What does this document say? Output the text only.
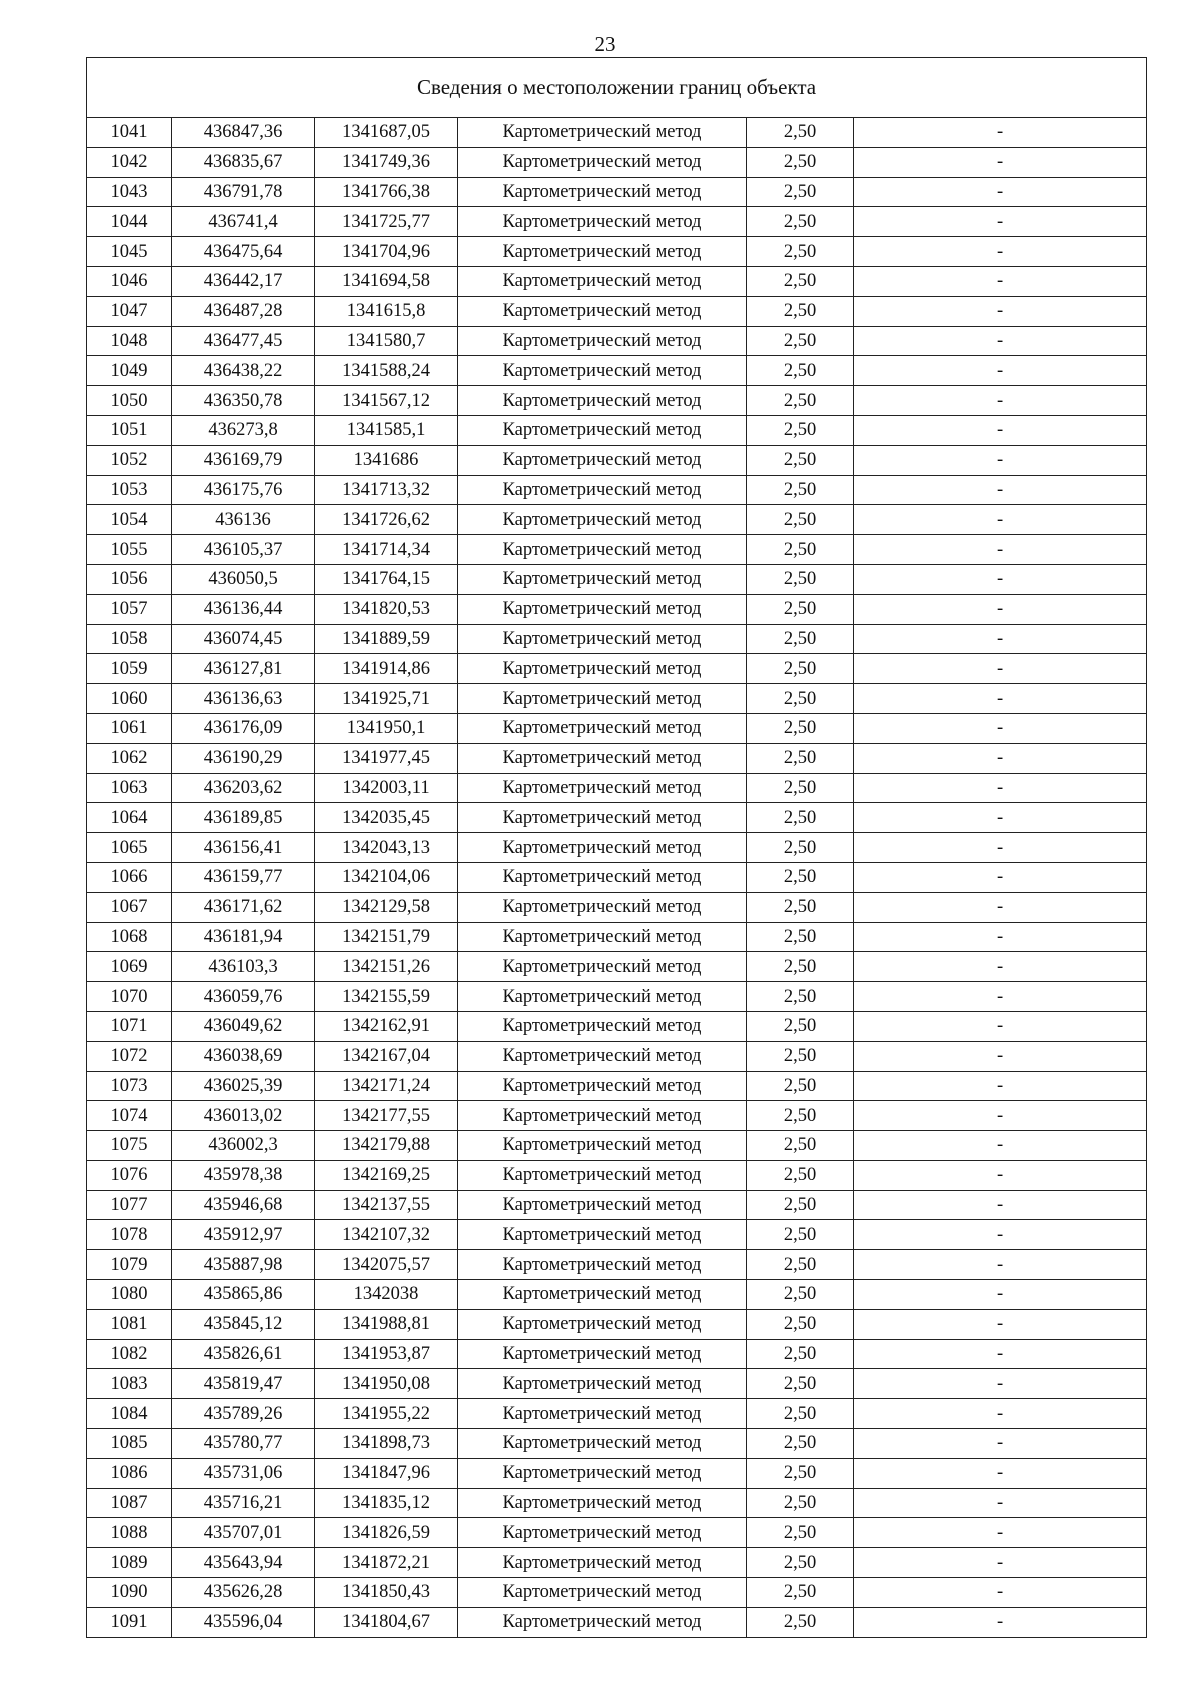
23
Сведения о местоположении границ объекта					
1041	436847,36	1341687,05	Картометрический метод	2,50	-
1042	436835,67	1341749,36	Картометрический метод	2,50	-
1043	436791,78	1341766,38	Картометрический метод	2,50	-
1044	436741,4	1341725,77	Картометрический метод	2,50	-
1045	436475,64	1341704,96	Картометрический метод	2,50	-
1046	436442,17	1341694,58	Картометрический метод	2,50	-
1047	436487,28	1341615,8	Картометрический метод	2,50	-
1048	436477,45	1341580,7	Картометрический метод	2,50	-
1049	436438,22	1341588,24	Картометрический метод	2,50	-
1050	436350,78	1341567,12	Картометрический метод	2,50	-
1051	436273,8	1341585,1	Картометрический метод	2,50	-
1052	436169,79	1341686	Картометрический метод	2,50	-
1053	436175,76	1341713,32	Картометрический метод	2,50	-
1054	436136	1341726,62	Картометрический метод	2,50	-
1055	436105,37	1341714,34	Картометрический метод	2,50	-
1056	436050,5	1341764,15	Картометрический метод	2,50	-
1057	436136,44	1341820,53	Картометрический метод	2,50	-
1058	436074,45	1341889,59	Картометрический метод	2,50	-
1059	436127,81	1341914,86	Картометрический метод	2,50	-
1060	436136,63	1341925,71	Картометрический метод	2,50	-
1061	436176,09	1341950,1	Картометрический метод	2,50	-
1062	436190,29	1341977,45	Картометрический метод	2,50	-
1063	436203,62	1342003,11	Картометрический метод	2,50	-
1064	436189,85	1342035,45	Картометрический метод	2,50	-
1065	436156,41	1342043,13	Картометрический метод	2,50	-
1066	436159,77	1342104,06	Картометрический метод	2,50	-
1067	436171,62	1342129,58	Картометрический метод	2,50	-
1068	436181,94	1342151,79	Картометрический метод	2,50	-
1069	436103,3	1342151,26	Картометрический метод	2,50	-
1070	436059,76	1342155,59	Картометрический метод	2,50	-
1071	436049,62	1342162,91	Картометрический метод	2,50	-
1072	436038,69	1342167,04	Картометрический метод	2,50	-
1073	436025,39	1342171,24	Картометрический метод	2,50	-
1074	436013,02	1342177,55	Картометрический метод	2,50	-
1075	436002,3	1342179,88	Картометрический метод	2,50	-
1076	435978,38	1342169,25	Картометрический метод	2,50	-
1077	435946,68	1342137,55	Картометрический метод	2,50	-
1078	435912,97	1342107,32	Картометрический метод	2,50	-
1079	435887,98	1342075,57	Картометрический метод	2,50	-
1080	435865,86	1342038	Картометрический метод	2,50	-
1081	435845,12	1341988,81	Картометрический метод	2,50	-
1082	435826,61	1341953,87	Картометрический метод	2,50	-
1083	435819,47	1341950,08	Картометрический метод	2,50	-
1084	435789,26	1341955,22	Картометрический метод	2,50	-
1085	435780,77	1341898,73	Картометрический метод	2,50	-
1086	435731,06	1341847,96	Картометрический метод	2,50	-
1087	435716,21	1341835,12	Картометрический метод	2,50	-
1088	435707,01	1341826,59	Картометрический метод	2,50	-
1089	435643,94	1341872,21	Картометрический метод	2,50	-
1090	435626,28	1341850,43	Картометрический метод	2,50	-
1091	435596,04	1341804,67	Картометрический метод	2,50	-
